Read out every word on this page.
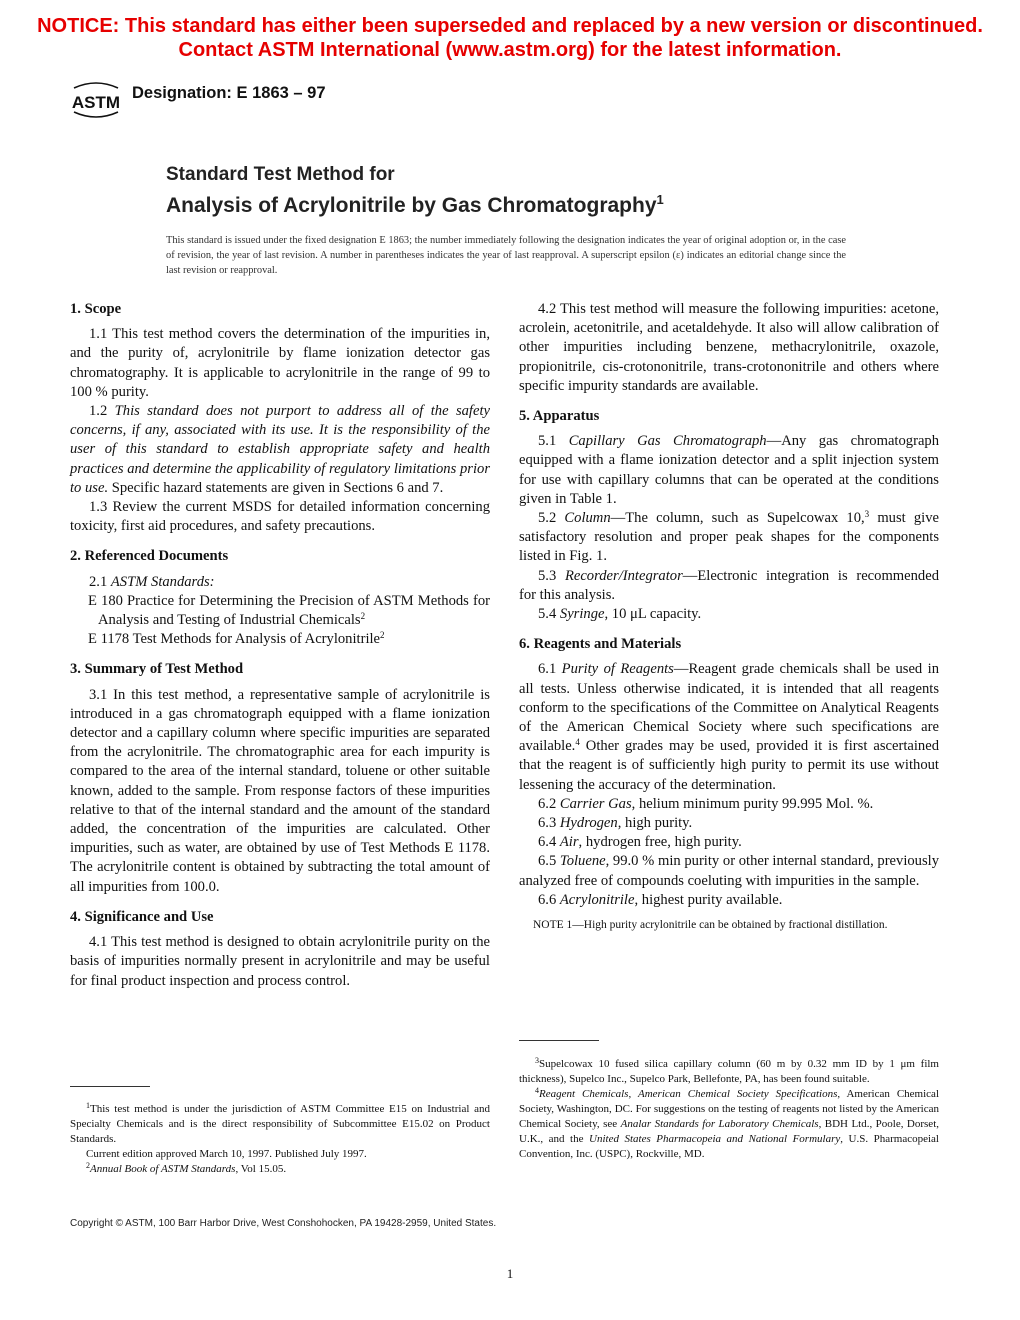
NOTICE: This standard has either been superseded and replaced by a new version or discontinued.
Contact ASTM International (www.astm.org) for the latest information.
ASTM Designation: E 1863 – 97
Standard Test Method for
Analysis of Acrylonitrile by Gas Chromatography$^1$
This standard is issued under the fixed designation E 1863; the number immediately following the designation indicates the year of original adoption or, in the case of revision, the year of last revision. A number in parentheses indicates the year of last reapproval. A superscript epsilon (ε) indicates an editorial change since the last revision or reapproval.
1. Scope

1.1 This test method covers the determination of the impurities in, and the purity of, acrylonitrile by flame ionization detector gas chromatography. It is applicable to acrylonitrile in the range of 99 to 100 % purity.

1.2 This standard does not purport to address all of the safety concerns, if any, associated with its use. It is the responsibility of the user of this standard to establish appropriate safety and health practices and determine the applicability of regulatory limitations prior to use. Specific hazard statements are given in Sections 6 and 7.

1.3 Review the current MSDS for detailed information concerning toxicity, first aid procedures, and safety precautions.

2. Referenced Documents

2.1 ASTM Standards:

E 180 Practice for Determining the Precision of ASTM Methods for Analysis and Testing of Industrial Chemicals$^2$

E 1178 Test Methods for Analysis of Acrylonitrile$^2$

3. Summary of Test Method

3.1 In this test method, a representative sample of acrylonitrile is introduced in a gas chromatograph equipped with a flame ionization detector and a capillary column where specific impurities are separated from the acrylonitrile. The chromatographic area for each impurity is compared to the area of the internal standard, toluene or other suitable known, added to the sample. From response factors of these impurities relative to that of the internal standard and the amount of the standard added, the concentration of the impurities are calculated. Other impurities, such as water, are obtained by use of Test Methods E 1178. The acrylonitrile content is obtained by subtracting the total amount of all impurities from 100.0.

4. Significance and Use

4.1 This test method is designed to obtain acrylonitrile purity on the basis of impurities normally present in acrylonitrile and may be useful for final product inspection and process control.

4.2 This test method will measure the following impurities: acetone, acrolein, acetonitrile, and acetaldehyde. It also will allow calibration of other impurities including benzene, methacrylonitrile, oxazole, propionitrile, cis-crotononitrile, trans-crotononitrile and others where specific impurity standards are available.

5. Apparatus

5.1 Capillary Gas Chromatograph—Any gas chromatograph equipped with a flame ionization detector and a split injection system for use with capillary columns that can be operated at the conditions given in Table 1.

5.2 Column—The column, such as Supelcowax 10,$^3$ must give satisfactory resolution and proper peak shapes for the components listed in Fig. 1.

5.3 Recorder/Integrator—Electronic integration is recommended for this analysis.

5.4 Syringe, 10 μL capacity.

6. Reagents and Materials

6.1 Purity of Reagents—Reagent grade chemicals shall be used in all tests. Unless otherwise indicated, it is intended that all reagents conform to the specifications of the Committee on Analytical Reagents of the American Chemical Society where such specifications are available.$^4$ Other grades may be used, provided it is first ascertained that the reagent is of sufficiently high purity to permit its use without lessening the accuracy of the determination.

6.2 Carrier Gas, helium minimum purity 99.995 Mol. %.

6.3 Hydrogen, high purity.

6.4 Air, hydrogen free, high purity.

6.5 Toluene, 99.0 % min purity or other internal standard, previously analyzed free of compounds coeluting with impurities in the sample.

6.6 Acrylonitrile, highest purity available.

NOTE 1—High purity acrylonitrile can be obtained by fractional distillation.

$^1$This test method is under the jurisdiction of ASTM Committee E15 on Industrial and Specialty Chemicals and is the direct responsibility of Subcommittee E15.02 on Product Standards.

Current edition approved March 10, 1997. Published July 1997.

$^2$Annual Book of ASTM Standards, Vol 15.05.

$^3$Supelcowax 10 fused silica capillary column (60 m by 0.32 mm ID by 1 μm film thickness), Supelco Inc., Supelco Park, Bellefonte, PA, has been found suitable.

$^4$Reagent Chemicals, American Chemical Society Specifications, American Chemical Society, Washington, DC. For suggestions on the testing of reagents not listed by the American Chemical Society, see Analar Standards for Laboratory Chemicals, BDH Ltd., Poole, Dorset, U.K., and the United States Pharmacopeia and National Formulary, U.S. Pharmacopeial Convention, Inc. (USPC), Rockville, MD.

Copyright © ASTM, 100 Barr Harbor Drive, West Conshohocken, PA 19428-2959, United States.
1
